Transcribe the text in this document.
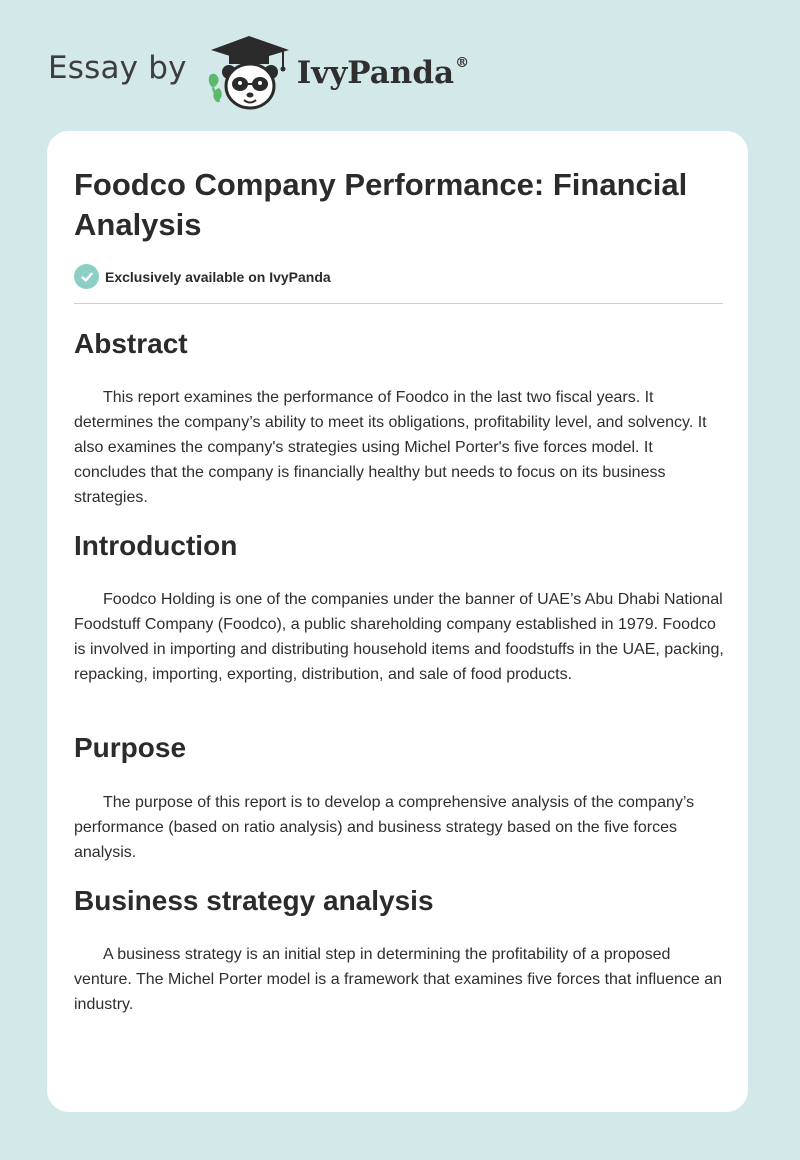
Essay by	IvyPanda®
Foodco Company Performance: Financial Analysis
Exclusively available on IvyPanda
Abstract

This report examines the performance of Foodco in the last two fiscal years. It determines the company’s ability to meet its obligations, profitability level, and solvency. It also examines the company's strategies using Michel Porter's five forces model. It concludes that the company is financially healthy but needs to focus on its business strategies.

Introduction

Foodco Holding is one of the companies under the banner of UAE’s Abu Dhabi National Foodstuff Company (Foodco), a public shareholding company established in 1979. Foodco is involved in importing and distributing household items and foodstuffs in the UAE, packing, repacking, importing, exporting, distribution, and sale of food products.

Purpose

The purpose of this report is to develop a comprehensive analysis of the company’s performance (based on ratio analysis) and business strategy based on the five forces analysis.

Business strategy analysis

A business strategy is an initial step in determining the profitability of a proposed venture. The Michel Porter model is a framework that examines five forces that influence an industry.
